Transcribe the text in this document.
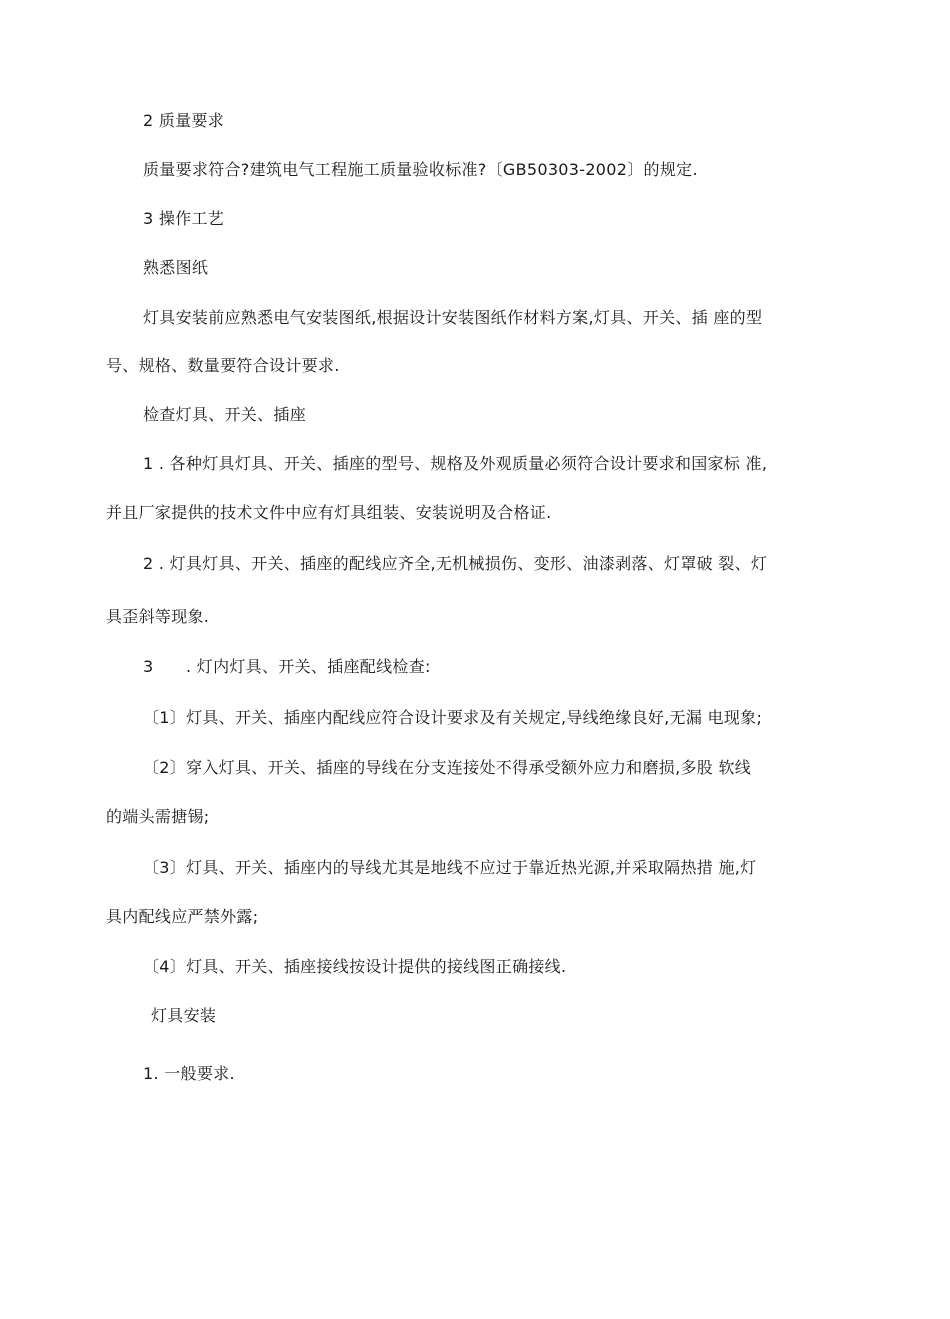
2 质量要求
质量要求符合?建筑电气工程施工质量验收标准?〔GB50303-2002〕的规定.
3 操作工艺
熟悉图纸
灯具安装前应熟悉电气安装图纸,根据设计安装图纸作材料方案,灯具、开关、插 座的型
号、规格、数量要符合设计要求.
检查灯具、开关、插座
1 . 各种灯具灯具、开关、插座的型号、规格及外观质量必须符合设计要求和国家标 准,
并且厂家提供的技术文件中应有灯具组装、安装说明及合格证.
2 . 灯具灯具、开关、插座的配线应齐全,无机械损伤、变形、油漆剥落、灯罩破 裂、灯
具歪斜等现象.
3 . 灯内灯具、开关、插座配线检查:
〔1〕灯具、开关、插座内配线应符合设计要求及有关规定,导线绝缘良好,无漏 电现象;
〔2〕穿入灯具、开关、插座的导线在分支连接处不得承受额外应力和磨损,多股 软线
的端头需搪锡;
〔3〕灯具、开关、插座内的导线尤其是地线不应过于靠近热光源,并采取隔热措 施,灯
具内配线应严禁外露;
〔4〕灯具、开关、插座接线按设计提供的接线图正确接线.
灯具安装
1. 一般要求.
